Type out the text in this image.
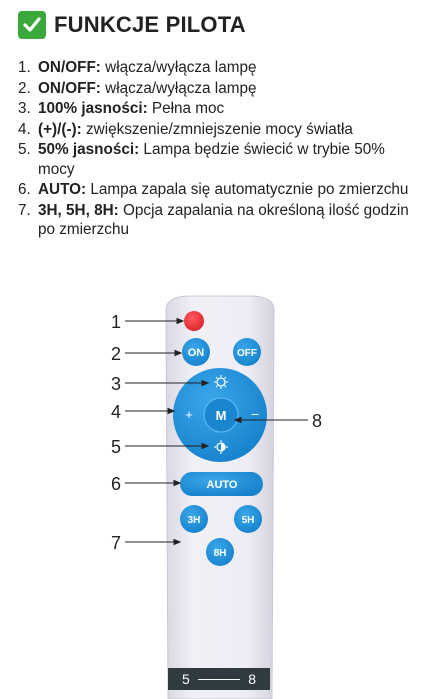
FUNKCJE PILOTA
1. ON/OFF: włącza/wyłącza lampę
2. ON/OFF: włącza/wyłącza lampę
3. 100% jasności: Pełna moc
4. (+)/(-): zwiększenie/zmniejszenie mocy światła
5. 50% jasności: Lampa będzie świecić w trybie 50% mocy
6. AUTO: Lampa zapala się automatycznie po zmierzchu
7. 3H, 5H, 8H: Opcja zapalania na określoną ilość godzin po zmierzchu
ON	OFF
M
+	−
AUTO
3H	5H
8H
1
2
3
4
5
6
7
8
5	8
